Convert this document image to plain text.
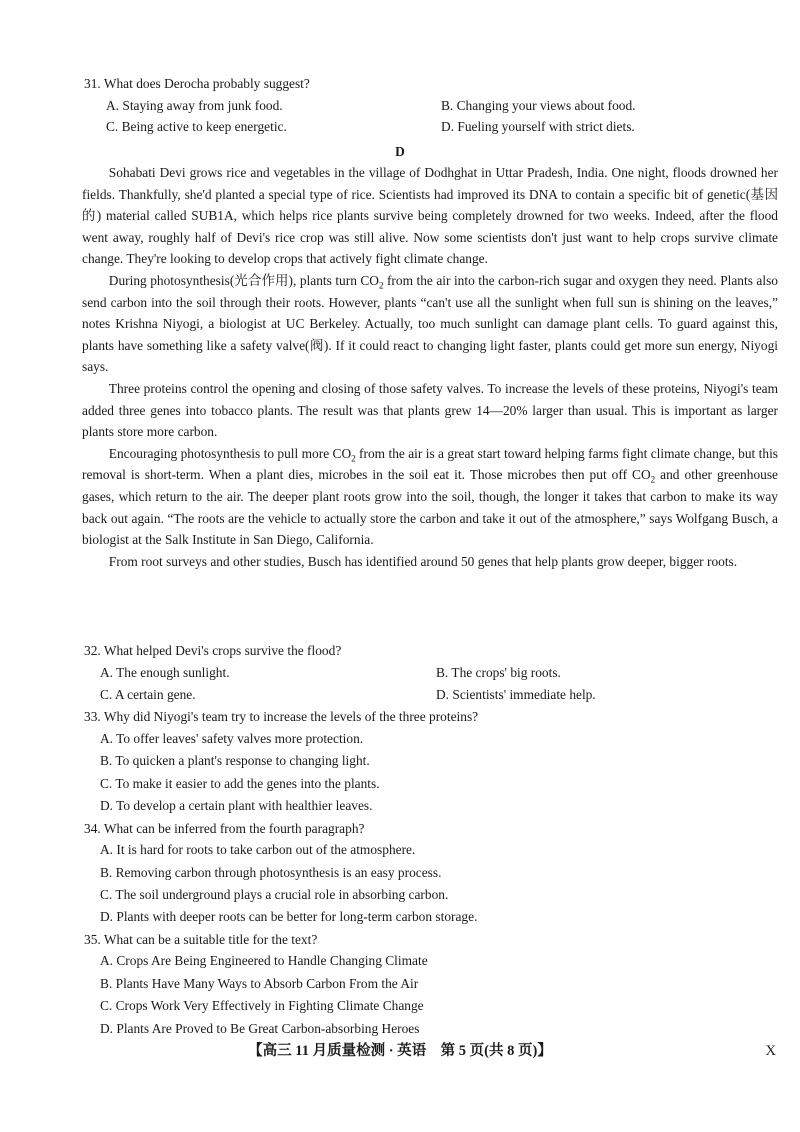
31. What does Derocha probably suggest?
A. Staying away from junk food.	B. Changing your views about food.
C. Being active to keep energetic.	D. Fueling yourself with strict diets.
D

Sohabati Devi grows rice and vegetables in the village of Dodhghat in Uttar Pradesh, India. One night, floods drowned her fields. Thankfully, she'd planted a special type of rice. Scientists had improved its DNA to contain a specific bit of genetic(基因的) material called SUB1A, which helps rice plants survive being completely drowned for two weeks. Indeed, after the flood went away, roughly half of Devi's rice crop was still alive. Now some scientists don't just want to help crops survive climate change. They're looking to develop crops that actively fight climate change.

During photosynthesis(光合作用), plants turn $CO_2$ from the air into the carbon-rich sugar and oxygen they need. Plants also send carbon into the soil through their roots. However, plants “can't use all the sunlight when full sun is shining on the leaves,” notes Krishna Niyogi, a biologist at UC Berkeley. Actually, too much sunlight can damage plant cells. To guard against this, plants have something like a safety valve(阀). If it could react to changing light faster, plants could get more sun energy, Niyogi says.

Three proteins control the opening and closing of those safety valves. To increase the levels of these proteins, Niyogi's team added three genes into tobacco plants. The result was that plants grew 14—20% larger than usual. This is important as larger plants store more carbon.

Encouraging photosynthesis to pull more $CO_2$ from the air is a great start toward helping farms fight climate change, but this removal is short-term. When a plant dies, microbes in the soil eat it. Those microbes then put off $CO_2$ and other greenhouse gases, which return to the air. The deeper plant roots grow into the soil, though, the longer it takes that carbon to make its way back out again. “The roots are the vehicle to actually store the carbon and take it out of the atmosphere,” says Wolfgang Busch, a biologist at the Salk Institute in San Diego, California.

From root surveys and other studies, Busch has identified around 50 genes that help plants grow deeper, bigger roots.

32. What helped Devi's crops survive the flood?
A. The enough sunlight.	B. The crops' big roots.
C. A certain gene.	D. Scientists' immediate help.
33. Why did Niyogi's team try to increase the levels of the three proteins?
A. To offer leaves' safety valves more protection.
B. To quicken a plant's response to changing light.
C. To make it easier to add the genes into the plants.
D. To develop a certain plant with healthier leaves.
34. What can be inferred from the fourth paragraph?
A. It is hard for roots to take carbon out of the atmosphere.
B. Removing carbon through photosynthesis is an easy process.
C. The soil underground plays a crucial role in absorbing carbon.
D. Plants with deeper roots can be better for long-term carbon storage.
35. What can be a suitable title for the text?
A. Crops Are Being Engineered to Handle Changing Climate
B. Plants Have Many Ways to Absorb Carbon From the Air
C. Crops Work Very Effectively in Fighting Climate Change
D. Plants Are Proved to Be Great Carbon-absorbing Heroes
【高三 11 月质量检测 · 英语　第 5 页(共 8 页)】	X
